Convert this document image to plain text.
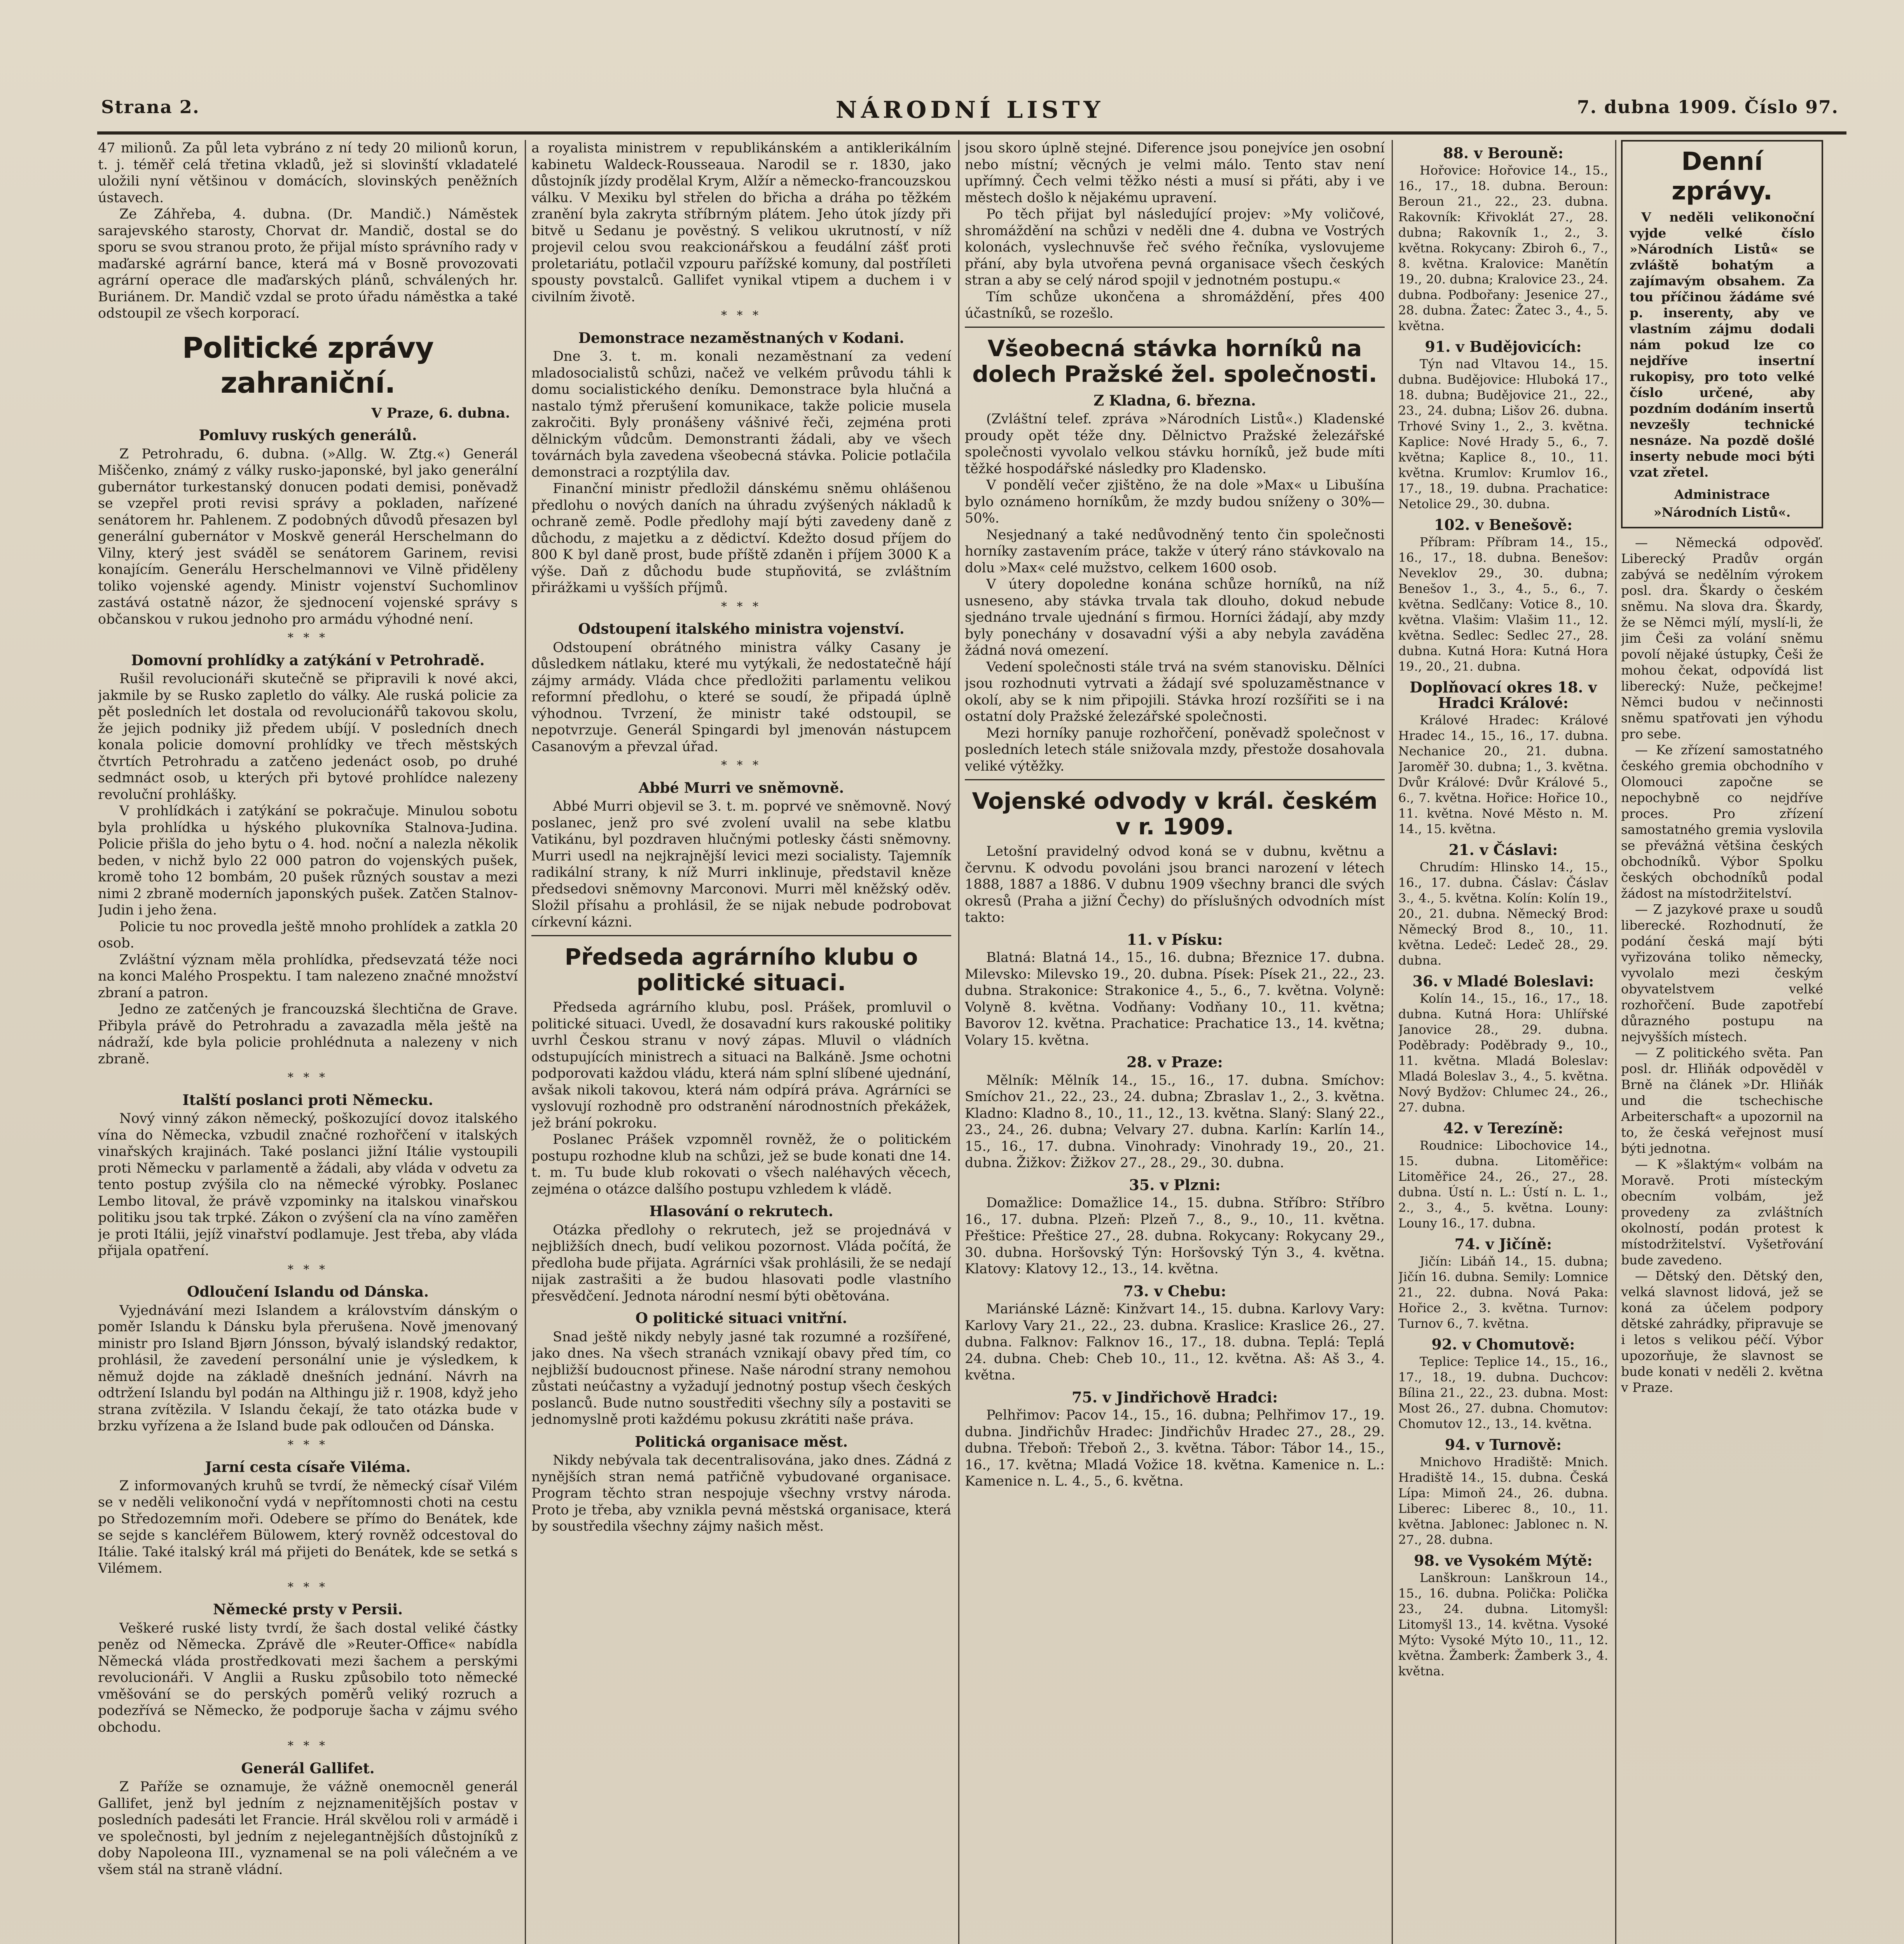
Strana 2.	NÁRODNÍ LISTY	7. dubna 1909. Číslo 97.

47 milionů. Za půl leta vybráno z ní tedy 20 milionů korun, t. j. téměř celá třetina vkladů, jež si slovinští vkladatelé uložili nyní většinou v domácích, slovinských peněžních ústavech.

Ze Záhřeba, 4. dubna. (Dr. Mandič.) Náměstek sarajevského starosty, Chorvat dr. Mandič, dostal se do sporu se svou stranou proto, že přijal místo správního rady v maďarské agrární bance, která má v Bosně provozovati agrární operace dle maďarských plánů, schválených hr. Buriánem. Dr. Mandič vzdal se proto úřadu náměstka a také odstoupil ze všech korporací.

Politické zprávy zahraniční.
V Praze, 6. dubna.
Pomluvy ruských generálů.

Z Petrohradu, 6. dubna. (»Allg. W. Ztg.«) Generál Miščenko, známý z války rusko-japonské, byl jako generální gubernátor turkestanský donucen podati demisi, poněvadž se vzepřel proti revisi správy a pokladen, nařízené senátorem hr. Pahlenem. Z podobných důvodů přesazen byl generální gubernátor v Moskvě generál Herschelmann do Vilny, který jest sváděl se senátorem Garinem, revisi konajícím. Generálu Herschelmannovi ve Vilně přiděleny toliko vojenské agendy. Ministr vojenství Suchomlinov zastává ostatně názor, že sjednocení vojenské správy s občanskou v rukou jednoho pro armádu výhodné není.

* * *
Domovní prohlídky a zatýkání v Petrohradě.

Rušil revolucionáři skutečně se připravili k nové akci, jakmile by se Rusko zapletlo do války. Ale ruská policie za pět posledních let dostala od revolucionářů takovou skolu, že jejich podniky již předem ubíjí. V posledních dnech konala policie domovní prohlídky ve třech městských čtvrtích Petrohradu a zatčeno jedenáct osob, po druhé sedmnáct osob, u kterých při bytové prohlídce nalezeny revoluční prohlášky.

V prohlídkách i zatýkání se pokračuje. Minulou sobotu byla prohlídka u hýského plukovníka Stalnova-Judina. Policie přišla do jeho bytu o 4. hod. noční a nalezla několik beden, v nichž bylo 22 000 patron do vojenských pušek, kromě toho 12 bombám, 20 pušek různých soustav a mezi nimi 2 zbraně moderních japonských pušek. Zatčen Stalnov-Judin i jeho žena.

Policie tu noc provedla ještě mnoho prohlídek a zatkla 20 osob.

Zvláštní význam měla prohlídka, předsevzatá téže noci na konci Malého Prospektu. I tam nalezeno značné množství zbraní a patron.

Jedno ze zatčených je francouzská šlechtična de Grave. Přibyla právě do Petrohradu a zavazadla měla ještě na nádraží, kde byla policie prohlédnuta a nalezeny v nich zbraně.

* * *
Italští poslanci proti Německu.

Nový vinný zákon německý, poškozující dovoz italského vína do Německa, vzbudil značné rozhořčení v italských vinařských krajinách. Také poslanci jižní Itálie vystoupili proti Německu v parlamentě a žádali, aby vláda v odvetu za tento postup zvýšila clo na německé výrobky. Poslanec Lembo litoval, že právě vzpominky na italskou vinařskou politiku jsou tak trpké. Zákon o zvýšení cla na víno zaměřen je proti Itálii, jejíž vinařství podlamuje. Jest třeba, aby vláda přijala opatření.

* * *
Odloučení Islandu od Dánska.

Vyjednávání mezi Islandem a královstvím dánským o poměr Islandu k Dánsku byla přerušena. Nově jmenovaný ministr pro Island Bjørn Jónsson, bývalý islandský redaktor, prohlásil, že zavedení personální unie je výsledkem, k němuž dojde na základě dnešních jednání. Návrh na odtržení Islandu byl podán na Althingu již r. 1908, když jeho strana zvítězila. V Islandu čekají, že tato otázka bude v brzku vyřízena a že Island bude pak odloučen od Dánska.

* * *
Jarní cesta císaře Viléma.

Z informovaných kruhů se tvrdí, že německý císař Vilém se v neděli velikonoční vydá v nepřítomnosti choti na cestu po Středozemním moři. Odebere se přímo do Benátek, kde se sejde s kancléřem Bülowem, který rovněž odcestoval do Itálie. Také italský král má přijeti do Benátek, kde se setká s Vilémem.

* * *
Německé prsty v Persii.

Veškeré ruské listy tvrdí, že šach dostal veliké částky peněz od Německa. Zprávě dle »Reuter-Office« nabídla Německá vláda prostředkovati mezi šachem a perskými revolucionáři. V Anglii a Rusku způsobilo toto německé vměšování se do perských poměrů veliký rozruch a podezřívá se Německo, že podporuje šacha v zájmu svého obchodu.

* * *
Generál Gallifet.

Z Paříže se oznamuje, že vážně onemocněl generál Gallifet, jenž byl jedním z nejznamenitějších postav v posledních padesáti let Francie. Hrál skvělou roli v armádě i ve společnosti, byl jedním z nejelegantnějších důstojníků z doby Napoleona III., vyznamenal se na poli válečném a ve všem stál na straně vládní.

a royalista ministrem v republikánském a antiklerikálním kabinetu Waldeck-Rousseaua. Narodil se r. 1830, jako důstojník jízdy prodělal Krym, Alžír a německo-francouzskou válku. V Mexiku byl střelen do břicha a dráha po těžkém zranění byla zakryta stříbrným plátem. Jeho útok jízdy při bitvě u Sedanu je pověstný. S velikou ukrutností, v níž projevil celou svou reakcionářskou a feudální zášť proti proletariátu, potlačil vzpouru pařížské komuny, dal postříleti spousty povstalců. Gallifet vynikal vtipem a duchem i v civilním životě.

* * *
Demonstrace nezaměstnaných v Kodani.

Dne 3. t. m. konali nezaměstnaní za vedení mladosocialistů schůzi, načež ve velkém průvodu táhli k domu socialistického deníku. Demonstrace byla hlučná a nastalo týmž přerušení komunikace, takže policie musela zakročiti. Byly pronášeny vášnivé řeči, zejména proti dělnickým vůdcům. Demonstranti žádali, aby ve všech továrnách byla zavedena všeobecná stávka. Policie potlačila demonstraci a rozptýlila dav.

Finanční ministr předložil dánskému sněmu ohlášenou předlohu o nových daních na úhradu zvýšených nákladů k ochraně země. Podle předlohy mají býti zavedeny daně z důchodu, z majetku a z dědictví. Kdežto dosud příjem do 800 K byl daně prost, bude příště zdaněn i příjem 3000 K a výše. Daň z důchodu bude stupňovitá, se zvláštním přirážkami u vyšších příjmů.

* * *
Odstoupení italského ministra vojenství.

Odstoupení obrátného ministra války Casany je důsledkem nátlaku, které mu vytýkali, že nedostatečně hájí zájmy armády. Vláda chce předložiti parlamentu velikou reformní předlohu, o které se soudí, že připadá úplně výhodnou. Tvrzení, že ministr také odstoupil, se nepotvrzuje. Generál Spingardi byl jmenován nástupcem Casanovým a převzal úřad.

* * *
Abbé Murri ve sněmovně.

Abbé Murri objevil se 3. t. m. poprvé ve sněmovně. Nový poslanec, jenž pro své zvolení uvalil na sebe klatbu Vatikánu, byl pozdraven hlučnými potlesky části sněmovny. Murri usedl na nejkrajnější levici mezi socialisty. Tajemník radikální strany, k níž Murri inklinuje, představil kněze předsedovi sněmovny Marconovi. Murri měl kněžský oděv. Složil přísahu a prohlásil, že se nijak nebude podrobovat církevní kázni.

Předseda agrárního klubu o politické situaci.

Předseda agrárního klubu, posl. Prášek, promluvil o politické situaci. Uvedl, že dosavadní kurs rakouské politiky uvrhl Českou stranu v nový zápas. Mluvil o vládních odstupujících ministrech a situaci na Balkáně. Jsme ochotni podporovati každou vládu, která nám splní slíbené ujednání, avšak nikoli takovou, která nám odpírá práva. Agrárníci se vyslovují rozhodně pro odstranění národnostních překážek, jež brání pokroku.

Poslanec Prášek vzpomněl rovněž, že o politickém postupu rozhodne klub na schůzi, jež se bude konati dne 14. t. m. Tu bude klub rokovati o všech naléhavých věcech, zejména o otázce dalšího postupu vzhledem k vládě.

Hlasování o rekrutech.

Otázka předlohy o rekrutech, jež se projednává v nejbližších dnech, budí velikou pozornost. Vláda počítá, že předloha bude přijata. Agrárníci však prohlásili, že se nedají nijak zastrašiti a že budou hlasovati podle vlastního přesvědčení. Jednota národní nesmí býti obětována.

O politické situaci vnitřní.

Snad ještě nikdy nebyly jasné tak rozumné a rozšířené, jako dnes. Na všech stranách vznikají obavy před tím, co nejbližší budoucnost přinese. Naše národní strany nemohou zůstati neúčastny a vyžadují jednotný postup všech českých poslanců. Bude nutno soustřediti všechny síly a postaviti se jednomyslně proti každému pokusu zkrátiti naše práva.

Politická organisace měst.

Nikdy nebývala tak decentralisována, jako dnes. Zádná z nynějších stran nemá patřičně vybudované organisace. Program těchto stran nespojuje všechny vrstvy národa. Proto je třeba, aby vznikla pevná městská organisace, která by soustředila všechny zájmy našich měst.

jsou skoro úplně stejné. Diference jsou ponejvíce jen osobní nebo místní; věcných je velmi málo. Tento stav není upřímný. Čech velmi těžko nésti a musí si přáti, aby i ve městech došlo k nějakému upravení.

Po těch přijat byl následující projev: »My voličové, shromáždění na schůzi v neděli dne 4. dubna ve Vostrých kolonách, vyslechnuvše řeč svého řečníka, vyslovujeme přání, aby byla utvořena pevná organisace všech českých stran a aby se celý národ spojil v jednotném postupu.«

Tím schůze ukončena a shromáždění, přes 400 účastníků, se rozešlo.

Všeobecná stávka horníků na dolech Pražské žel. společnosti.
Z Kladna, 6. března.

(Zvláštní telef. zpráva »Národních Listů«.) Kladenské proudy opět téže dny. Dělnictvo Pražské železářské společnosti vyvolalo velkou stávku horníků, jež bude míti těžké hospodářské následky pro Kladensko.

V pondělí večer zjištěno, že na dole »Max« u Libušína bylo oznámeno horníkům, že mzdy budou sníženy o 30%—50%.

Nesjednaný a také nedůvodněný tento čin společnosti horníky zastavením práce, takže v úterý ráno stávkovalo na dolu »Max« celé mužstvo, celkem 1600 osob.

V útery dopoledne konána schůze horníků, na níž usneseno, aby stávka trvala tak dlouho, dokud nebude sjednáno trvale ujednání s firmou. Horníci žádají, aby mzdy byly ponechány v dosavadní výši a aby nebyla zaváděna žádná nová omezení.

Vedení společnosti stále trvá na svém stanovisku. Dělníci jsou rozhodnuti vytrvati a žádají své spoluzaměstnance v okolí, aby se k nim připojili. Stávka hrozí rozšířiti se i na ostatní doly Pražské železářské společnosti.

Mezi horníky panuje rozhořčení, poněvadž společnost v posledních letech stále snižovala mzdy, přestože dosahovala veliké výtěžky.

Vojenské odvody v král. českém v r. 1909.

Letošní pravidelný odvod koná se v dubnu, květnu a červnu. K odvodu povoláni jsou branci narození v létech 1888, 1887 a 1886. V dubnu 1909 všechny branci dle svých okresů (Praha a jižní Čechy) do příslušných odvodních míst takto:

11. v Písku:

Blatná: Blatná 14., 15., 16. dubna; Březnice 17. dubna. Milevsko: Milevsko 19., 20. dubna. Písek: Písek 21., 22., 23. dubna. Strakonice: Strakonice 4., 5., 6., 7. května. Volyně: Volyně 8. května. Vodňany: Vodňany 10., 11. května; Bavorov 12. května. Prachatice: Prachatice 13., 14. května; Volary 15. května.

28. v Praze:

Mělník: Mělník 14., 15., 16., 17. dubna. Smíchov: Smíchov 21., 22., 23., 24. dubna; Zbraslav 1., 2., 3. května. Kladno: Kladno 8., 10., 11., 12., 13. května. Slaný: Slaný 22., 23., 24., 26. dubna; Velvary 27. dubna. Karlín: Karlín 14., 15., 16., 17. dubna. Vinohrady: Vinohrady 19., 20., 21. dubna. Žižkov: Žižkov 27., 28., 29., 30. dubna.

35. v Plzni:

Domažlice: Domažlice 14., 15. dubna. Stříbro: Stříbro 16., 17. dubna. Plzeň: Plzeň 7., 8., 9., 10., 11. května. Přeštice: Přeštice 27., 28. dubna. Rokycany: Rokycany 29., 30. dubna. Horšovský Týn: Horšovský Týn 3., 4. května. Klatovy: Klatovy 12., 13., 14. května.

73. v Chebu:

Mariánské Lázně: Kinžvart 14., 15. dubna. Karlovy Vary: Karlovy Vary 21., 22., 23. dubna. Kraslice: Kraslice 26., 27. dubna. Falknov: Falknov 16., 17., 18. dubna. Teplá: Teplá 24. dubna. Cheb: Cheb 10., 11., 12. května. Aš: Aš 3., 4. května.

75. v Jindřichově Hradci:

Pelhřimov: Pacov 14., 15., 16. dubna; Pelhřimov 17., 19. dubna. Jindřichův Hradec: Jindřichův Hradec 27., 28., 29. dubna. Třeboň: Třeboň 2., 3. května. Tábor: Tábor 14., 15., 16., 17. května; Mladá Vožice 18. května. Kamenice n. L.: Kamenice n. L. 4., 5., 6. května.

88. v Berouně:

Hořovice: Hořovice 14., 15., 16., 17., 18. dubna. Beroun: Beroun 21., 22., 23. dubna. Rakovník: Křivoklát 27., 28. dubna; Rakovník 1., 2., 3. května. Rokycany: Zbiroh 6., 7., 8. května. Kralovice: Manětín 19., 20. dubna; Kralovice 23., 24. dubna. Podbořany: Jesenice 27., 28. dubna. Žatec: Žatec 3., 4., 5. května.

91. v Budějovicích:

Týn nad Vltavou 14., 15. dubna. Budějovice: Hluboká 17., 18. dubna; Budějovice 21., 22., 23., 24. dubna; Lišov 26. dubna. Trhové Sviny 1., 2., 3. května. Kaplice: Nové Hrady 5., 6., 7. května; Kaplice 8., 10., 11. května. Krumlov: Krumlov 16., 17., 18., 19. dubna. Prachatice: Netolice 29., 30. dubna.

102. v Benešově:

Příbram: Příbram 14., 15., 16., 17., 18. dubna. Benešov: Neveklov 29., 30. dubna; Benešov 1., 3., 4., 5., 6., 7. května. Sedlčany: Votice 8., 10. května. Vlašim: Vlašim 11., 12. května. Sedlec: Sedlec 27., 28. dubna. Kutná Hora: Kutná Hora 19., 20., 21. dubna.

Doplňovací okres 18. v Hradci Králové:

Králové Hradec: Králové Hradec 14., 15., 16., 17. dubna. Nechanice 20., 21. dubna. Jaroměř 30. dubna; 1., 3. května. Dvůr Králové: Dvůr Králové 5., 6., 7. května. Hořice: Hořice 10., 11. května. Nové Město n. M. 14., 15. května.

21. v Čáslavi:

Chrudím: Hlinsko 14., 15., 16., 17. dubna. Čáslav: Čáslav 3., 4., 5. května. Kolín: Kolín 19., 20., 21. dubna. Německý Brod: Německý Brod 8., 10., 11. května. Ledeč: Ledeč 28., 29. dubna.

36. v Mladé Boleslavi:

Kolín 14., 15., 16., 17., 18. dubna. Kutná Hora: Uhlířské Janovice 28., 29. dubna. Poděbrady: Poděbrady 9., 10., 11. května. Mladá Boleslav: Mladá Boleslav 3., 4., 5. května. Nový Bydžov: Chlumec 24., 26., 27. dubna.

42. v Terezíně:

Roudnice: Libochovice 14., 15. dubna. Litoměřice: Litoměřice 24., 26., 27., 28. dubna. Ústí n. L.: Ústí n. L. 1., 2., 3., 4., 5. května. Louny: Louny 16., 17. dubna.

74. v Jičíně:

Jičín: Libáň 14., 15. dubna; Jičín 16. dubna. Semily: Lomnice 21., 22. dubna. Nová Paka: Hořice 2., 3. května. Turnov: Turnov 6., 7. května.

92. v Chomutově:

Teplice: Teplice 14., 15., 16., 17., 18., 19. dubna. Duchcov: Bílina 21., 22., 23. dubna. Most: Most 26., 27. dubna. Chomutov: Chomutov 12., 13., 14. května.

94. v Turnově:

Mnichovo Hradiště: Mnich. Hradiště 14., 15. dubna. Česká Lípa: Mimoň 24., 26. dubna. Liberec: Liberec 8., 10., 11. května. Jablonec: Jablonec n. N. 27., 28. dubna.

98. ve Vysokém Mýtě:

Lanškroun: Lanškroun 14., 15., 16. dubna. Polička: Polička 23., 24. dubna. Litomyšl: Litomyšl 13., 14. května. Vysoké Mýto: Vysoké Mýto 10., 11., 12. května. Žamberk: Žamberk 3., 4. května.

Denní zprávy.

V neděli velikonoční vyjde velké číslo »Národních Listů« se zvláště bohatým a zajímavým obsahem. Za tou příčinou žádáme své p. inserenty, aby ve vlastním zájmu dodali nám pokud lze co nejdříve insertní rukopisy, pro toto velké číslo určené, aby pozdním dodáním insertů nevzešly technické nesnáze. Na pozdě došlé inserty nebude moci býti vzat zřetel.

Administrace
»Národních Listů«.

— Německá odpověď. Liberecký Pradův orgán zabývá se nedělním výrokem posl. dra. Škardy o českém sněmu. Na slova dra. Škardy, že se Němci mýlí, myslí-li, že jim Češi za volání sněmu povolí nějaké ústupky, Češi že mohou čekat, odpovídá list liberecký: Nuže, pečkejme! Němci budou v nečinnosti sněmu spatřovati jen výhodu pro sebe.

— Ke zřízení samostatného českého gremia obchodního v Olomouci započne se nepochybně co nejdříve proces. Pro zřízení samostatného gremia vyslovila se převážná většina českých obchodníků. Výbor Spolku českých obchodníků podal žádost na místodržitelství.

— Z jazykové praxe u soudů liberecké. Rozhodnutí, že podání česká mají býti vyřizována toliko německy, vyvolalo mezi českým obyvatelstvem velké rozhořčení. Bude zapotřebí důrazného postupu na nejvyšších místech.

— Z politického světa. Pan posl. dr. Hliňák odpověděl v Brně na článek »Dr. Hliňák und die tschechische Arbeiterschaft« a upozornil na to, že česká veřejnost musí býti jednotna.

— K »šlaktým« volbám na Moravě. Proti místeckým obecním volbám, jež provedeny za zvláštních okolností, podán protest k místodržitelství. Vyšetřování bude zavedeno.

— Dětský den. Dětský den, velká slavnost lidová, jež se koná za účelem podpory dětské zahrádky, připravuje se i letos s velikou péčí. Výbor upozorňuje, že slavnost se bude konati v neděli 2. května v Praze.
